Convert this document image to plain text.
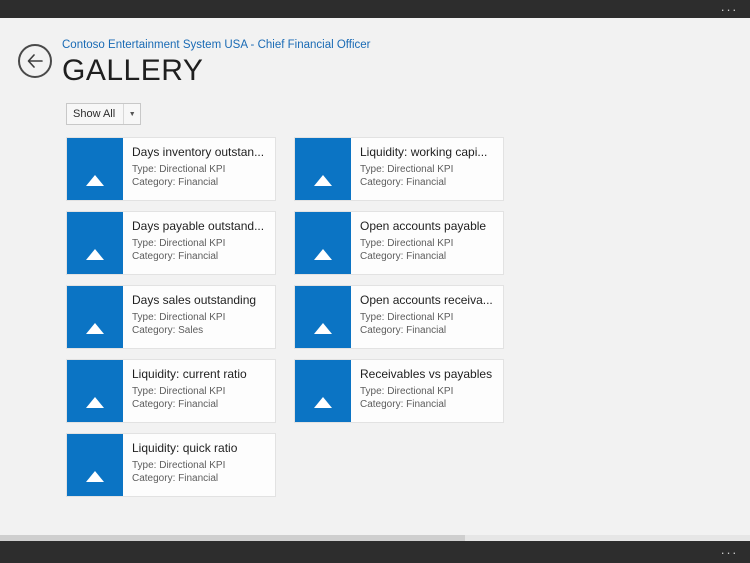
···
Contoso Entertainment System USA - Chief Financial Officer
GALLERY
Show All	▼
Days inventory outstan...
Type: Directional KPI
Category: Financial
Liquidity: working capi...
Type: Directional KPI
Category: Financial
Days payable outstand...
Type: Directional KPI
Category: Financial
Open accounts payable
Type: Directional KPI
Category: Financial
Days sales outstanding
Type: Directional KPI
Category: Sales
Open accounts receiva...
Type: Directional KPI
Category: Financial
Liquidity: current ratio
Type: Directional KPI
Category: Financial
Receivables vs payables
Type: Directional KPI
Category: Financial
Liquidity: quick ratio
Type: Directional KPI
Category: Financial
···
